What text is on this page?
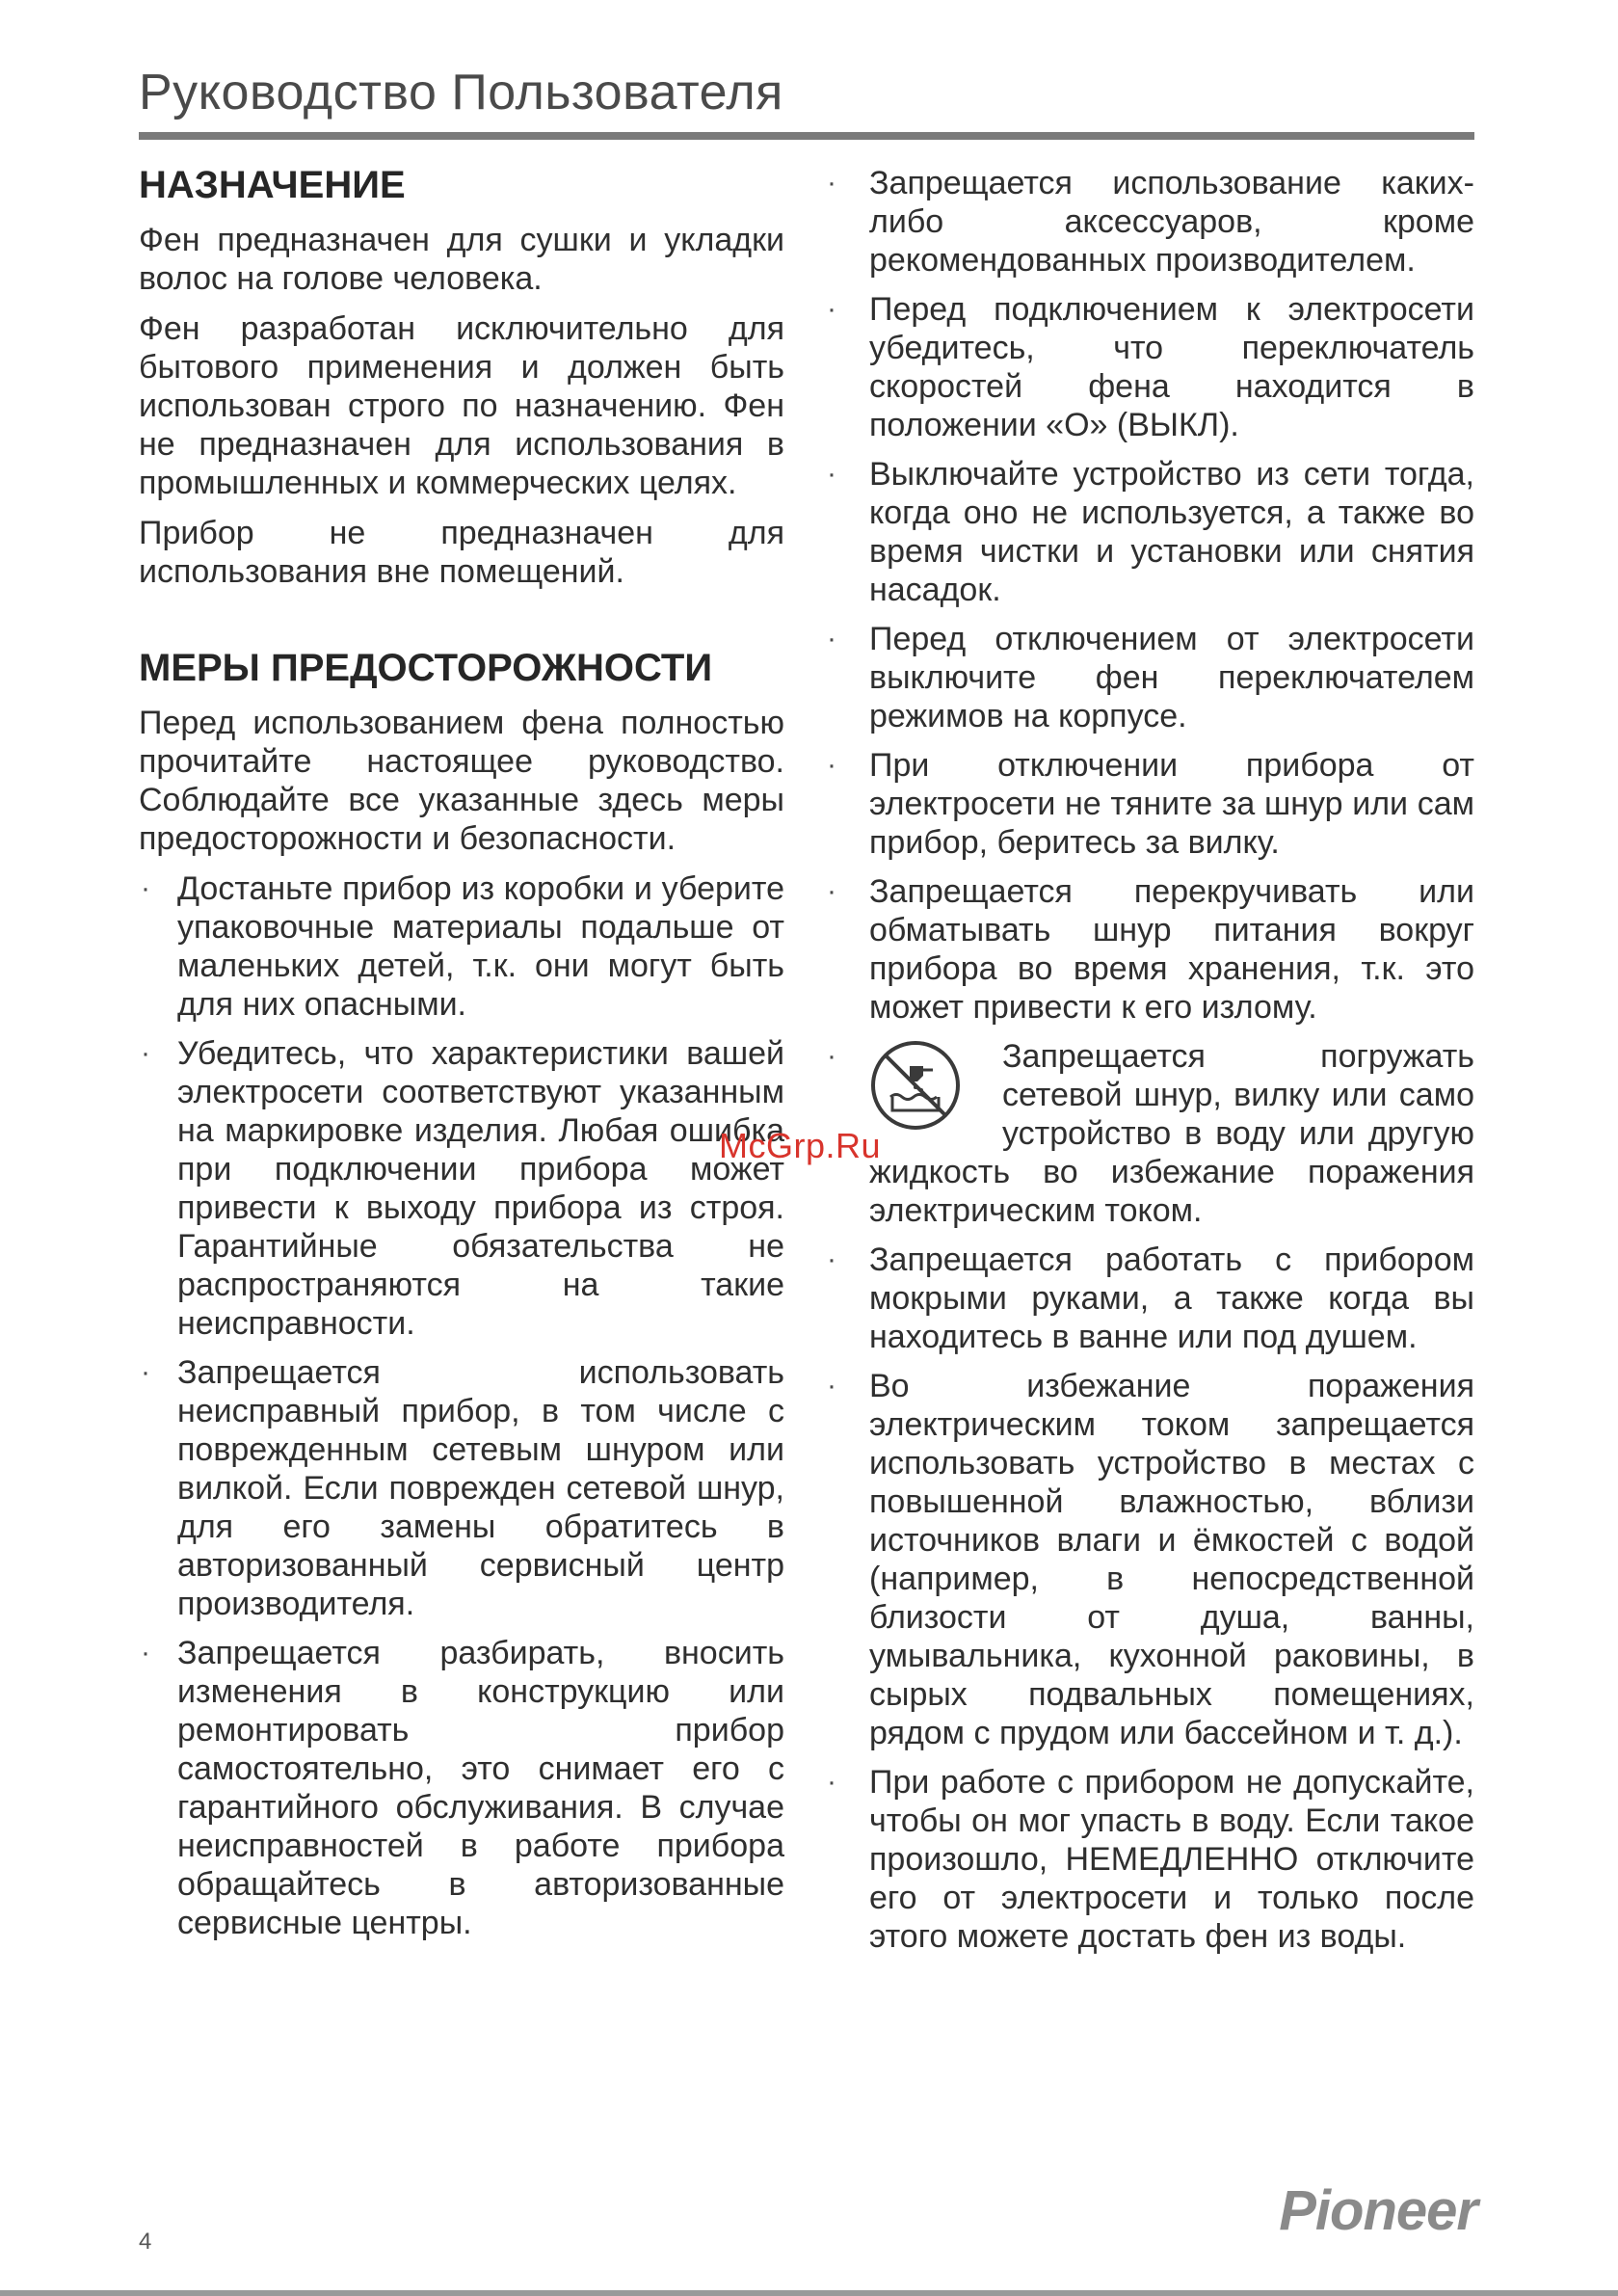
Руководство Пользователя
НАЗНАЧЕНИЕ

Фен предназначен для сушки и укладки волос на голове человека.

Фен разработан исключительно для бытового применения и должен быть использован строго по назначению. Фен не предназначен для использования в промышленных и коммерческих целях.

Прибор не предназначен для использования вне помещений.

МЕРЫ ПРЕДОСТОРОЖНОСТИ

Перед использованием фена полностью прочитайте настоящее руководство. Соблюдайте все указанные здесь меры предосторожности и безопасности.

· Достаньте прибор из коробки и уберите упаковочные материалы подальше от маленьких детей, т.к. они могут быть для них опасными.
· Убедитесь, что характеристики вашей электросети соответствуют указанным на маркировке изделия. Любая ошибка при подключении прибора может привести к выходу прибора из строя. Гарантийные обязательства не распространяются на такие неисправности.
· Запрещается использовать неисправный прибор, в том числе с поврежденным сетевым шнуром или вилкой. Если поврежден сетевой шнур, для его замены обратитесь в авторизованный сервисный центр производителя.
· Запрещается разбирать, вносить изменения в конструкцию или ремонтировать прибор самостоятельно, это снимает его с гарантийного обслуживания. В случае неисправностей в работе прибора обращайтесь в авторизованные сервисные центры.
· Запрещается использование каких-либо аксессуаров, кроме рекомендованных производителем.
· Перед подключением к электросети убедитесь, что переключатель скоростей фена находится в положении «О» (ВЫКЛ).
· Выключайте устройство из сети тогда, когда оно не используется, а также во время чистки и установки или снятия насадок.
· Перед отключением от электросети выключите фен переключателем режимов на корпусе.
· При отключении прибора от электросети не тяните за шнур или сам прибор, беритесь за вилку.
· Запрещается перекручивать или обматывать шнур питания вокруг прибора во время хранения, т.к. это может привести к его излому.
·	Запрещается погружать сетевой шнур, вилку или само устройство в воду или другую жидкость во избежание поражения электрическим током.
· Запрещается работать с прибором мокрыми руками, а также когда вы находитесь в ванне или под душем.
· Во избежание поражения электрическим током запрещается использовать устройство в местах с повышенной влажностью, вблизи источников влаги и ёмкостей с водой (например, в непосредственной близости от душа, ванны, умывальника, кухонной раковины, в сырых подвальных помещениях, рядом с прудом или бассейном и т. д.).
· При работе с прибором не допускайте, чтобы он мог упасть в воду. Если такое произошло, НЕМЕДЛЕННО отключите его от электросети и только после этого можете достать фен из воды.
McGrp.Ru
4	Pioneer
